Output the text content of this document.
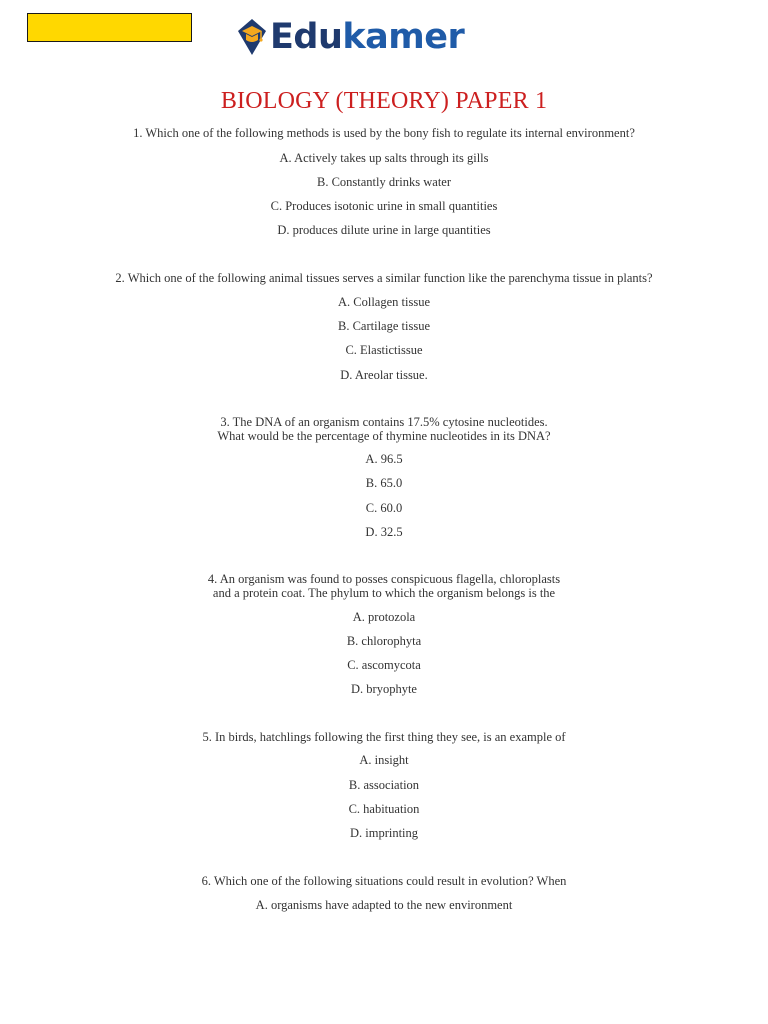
Edukamer
BIOLOGY (THEORY) PAPER 1
1. Which one of the following methods is used by the bony fish to regulate its internal environment?
A. Actively takes up salts through its gills
B. Constantly drinks water
C. Produces isotonic urine in small quantities
D. produces dilute urine in large quantities
2. Which one of the following animal tissues serves a similar function like the parenchyma tissue in plants?
A. Collagen tissue
B. Cartilage tissue
C. Elastictissue
D. Areolar tissue.
3. The DNA of an organism contains 17.5% cytosine nucleotides.
What would be the percentage of thymine nucleotides in its DNA?
A. 96.5
B. 65.0
C. 60.0
D. 32.5
4. An organism was found to posses conspicuous flagella, chloroplasts
and a protein coat. The phylum to which the organism belongs is the
A. protozola
B. chlorophyta
C. ascomycota
D. bryophyte
5. In birds, hatchlings following the first thing they see, is an example of
A. insight
B. association
C. habituation
D. imprinting
6. Which one of the following situations could result in evolution? When
A. organisms have adapted to the new environment
